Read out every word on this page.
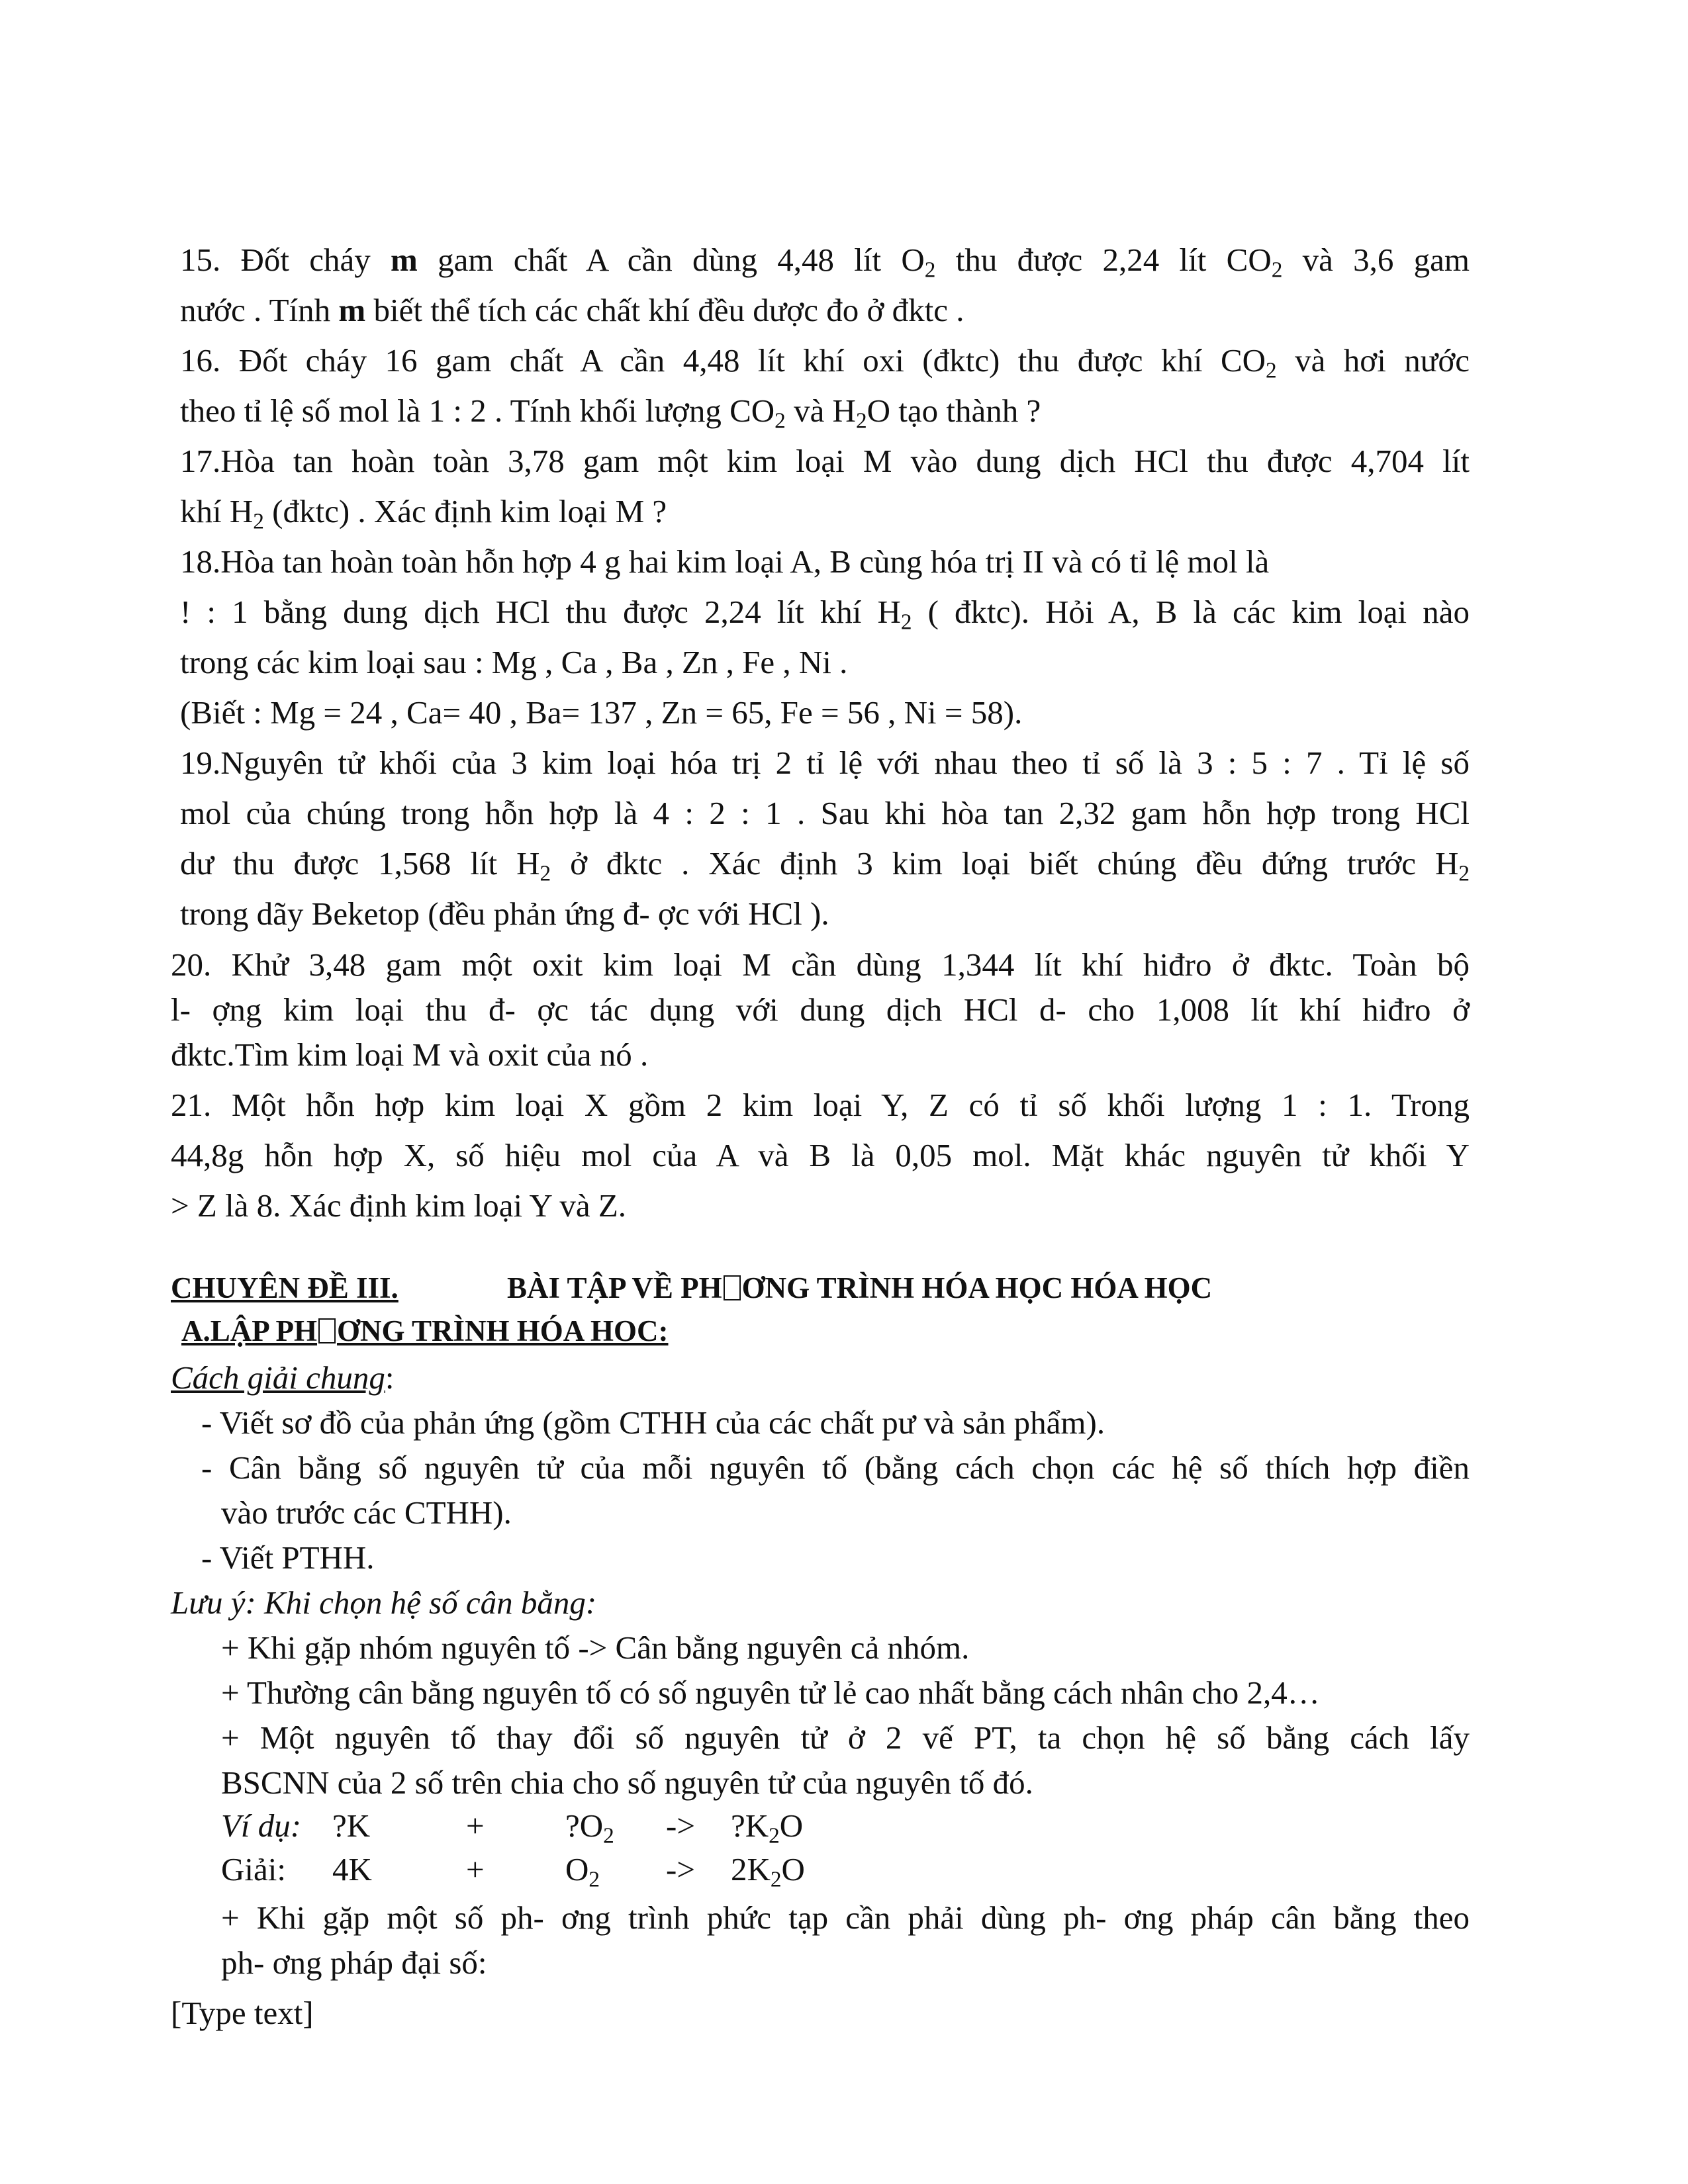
15. Đốt cháy m gam chất A cần dùng 4,48 lít $O_2$ thu được 2,24 lít $CO_2$ và 3,6 gam
nước . Tính m biết thể tích các chất khí đều dược đo ở đktc .
16. Đốt cháy 16 gam chất A cần 4,48 lít khí oxi (đktc) thu được khí $CO_2$ và hơi nước
theo tỉ lệ số mol là 1 : 2 . Tính khối lượng $CO_2$ và $H_2O$ tạo thành ?
17.Hòa tan hoàn toàn 3,78 gam một kim loại M vào dung dịch HCl thu được 4,704 lít
khí $H_2$ (đktc) . Xác định kim loại M ?
18.Hòa tan hoàn toàn hỗn hợp 4 g hai kim loại A, B cùng hóa trị II và có tỉ lệ mol là
! : 1 bằng dung dịch HCl thu được 2,24 lít khí $H_2$ ( đktc). Hỏi A, B là các kim loại nào
trong các kim loại sau : Mg , Ca , Ba , Zn , Fe , Ni .
(Biết : Mg = 24 , Ca= 40 , Ba= 137 , Zn = 65, Fe = 56 , Ni = 58).
19.Nguyên tử khối của 3 kim loại hóa trị 2 tỉ lệ với nhau theo tỉ số là 3 : 5 : 7 . Tỉ lệ số
mol của chúng trong hỗn hợp là 4 : 2 : 1 . Sau khi hòa tan 2,32 gam hỗn hợp trong HCl
dư thu được 1,568 lít $H_2$ ở đktc . Xác định 3 kim loại biết chúng đều đứng trước $H_2$
trong dãy Beketop (đều phản ứng đ- ợc với HCl ).
20. Khử 3,48 gam một oxit kim loại M cần dùng 1,344 lít khí hiđro ở đktc. Toàn bộ
l- ợng kim loại thu đ- ợc tác dụng với dung dịch HCl d- cho 1,008 lít khí hiđro ở
đktc.Tìm kim loại M và oxit của nó .
21. Một hỗn hợp kim loại X gồm 2 kim loại Y, Z có tỉ số khối lượng 1 : 1. Trong
44,8g hỗn hợp X, số hiệu mol của A và B là 0,05 mol. Mặt khác nguyên tử khối Y
> Z là 8. Xác định kim loại Y và Z.
CHUYÊN ĐỀ III.	BÀI TẬP VỀ PH ƠNG TRÌNH HÓA HỌC HÓA HỌC
A.LẬP PH ƠNG TRÌNH HÓA HOC:
Cách giải chung:
- Viết sơ đồ của phản ứng (gồm CTHH của các chất pư và sản phẩm).
- Cân bằng số nguyên tử của mỗi nguyên tố (bằng cách chọn các hệ số thích hợp điền
vào trước các CTHH).
- Viết PTHH.
Lưu ý: Khi chọn hệ số cân bằng:
+ Khi gặp nhóm nguyên tố -> Cân bằng nguyên cả nhóm.
+ Thường cân bằng nguyên tố có số nguyên tử lẻ cao nhất bằng cách nhân cho 2,4…
+ Một nguyên tố thay đổi số nguyên tử ở 2 vế PT, ta chọn hệ số bằng cách lấy
BSCNN của 2 số trên chia cho số nguyên tử của nguyên tố đó.
Ví dụ: ?K	+ $?O_2$ -> $?K_2O$
Giải: 4K	+ $O_2 -> 2K_2O$
+ Khi gặp một số ph- ơng trình phức tạp cần phải dùng ph- ơng pháp cân bằng theo
ph- ơng pháp đại số:
[Type text]
